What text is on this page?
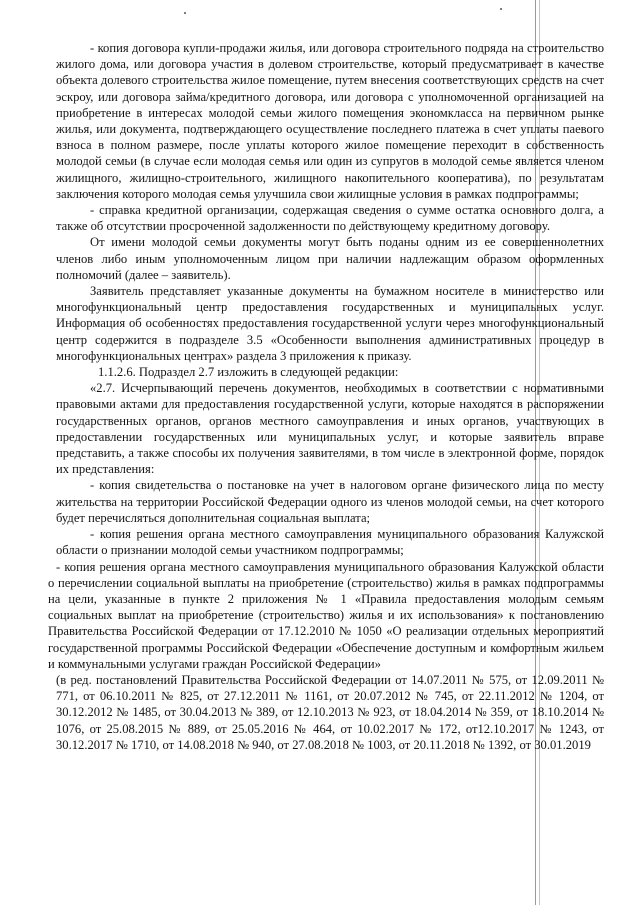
- копия договора купли-продажи жилья, или договора строительного подряда на строительство жилого дома, или договора участия в долевом строительстве, который предусматривает в качестве объекта долевого строительства жилое помещение, путем внесения соответствующих средств на счет эскроу, или договора займа/кредитного договора, или договора с уполномоченной организацией на приобретение в интересах молодой семьи жилого помещения экономкласса на первичном рынке жилья, или документа, подтверждающего осуществление последнего платежа в счет уплаты паевого взноса в полном размере, после уплаты которого жилое помещение переходит в собственность молодой семьи (в случае если молодая семья или один из супругов в молодой семье является членом жилищного, жилищно-строительного, жилищного накопительного кооператива), по результатам заключения которого молодая семья улучшила свои жилищные условия в рамках подпрограммы;

- справка кредитной организации, содержащая сведения о сумме остатка основного долга, а также об отсутствии просроченной задолженности по действующему кредитному договору.

От имени молодой семьи документы могут быть поданы одним из ее совершеннолетних членов либо иным уполномоченным лицом при наличии надлежащим образом оформленных полномочий (далее – заявитель).

Заявитель представляет указанные документы на бумажном носителе в министерство или многофункциональный центр предоставления государственных и муниципальных услуг. Информация об особенностях предоставления государственной услуги через многофункциональный центр содержится в подразделе 3.5 «Особенности выполнения административных процедур в многофункциональных центрах» раздела 3 приложения к приказу.

1.1.2.6. Подраздел 2.7 изложить в следующей редакции:

«2.7. Исчерпывающий перечень документов, необходимых в соответствии с нормативными правовыми актами для предоставления государственной услуги, которые находятся в распоряжении государственных органов, органов местного самоуправления и иных органов, участвующих в предоставлении государственных или муниципальных услуг, и которые заявитель вправе представить, а также способы их получения заявителями, в том числе в электронной форме, порядок их представления:

- копия свидетельства о постановке на учет в налоговом органе физического лица по месту жительства на территории Российской Федерации одного из членов молодой семьи, на счет которого будет перечисляться дополнительная социальная выплата;

- копия решения органа местного самоуправления муниципального образования Калужской области о признании молодой семьи участником подпрограммы;

- копия решения органа местного самоуправления муниципального образования Калужской области о перечислении социальной выплаты на приобретение (строительство) жилья в рамках подпрограммы на цели, указанные в пункте 2 приложения № 1 «Правила предоставления молодым семьям социальных выплат на приобретение (строительство) жилья и их использования» к постановлению Правительства Российской Федерации от 17.12.2010 № 1050 «О реализации отдельных мероприятий государственной программы Российской Федерации «Обеспечение доступным и комфортным жильем и коммунальными услугами граждан Российской Федерации»

(в ред. постановлений Правительства Российской Федерации от 14.07.2011 № 575, от 12.09.2011 № 771, от 06.10.2011 № 825, от 27.12.2011 № 1161, от 20.07.2012 № 745, от 22.11.2012 № 1204, от 30.12.2012 № 1485, от 30.04.2013 № 389, от 12.10.2013 № 923, от 18.04.2014 № 359, от 18.10.2014 № 1076, от 25.08.2015 № 889, от 25.05.2016 № 464, от 10.02.2017 № 172, от12.10.2017 № 1243, от 30.12.2017 № 1710, от 14.08.2018 № 940, от 27.08.2018 № 1003, от 20.11.2018 № 1392, от 30.01.2019
